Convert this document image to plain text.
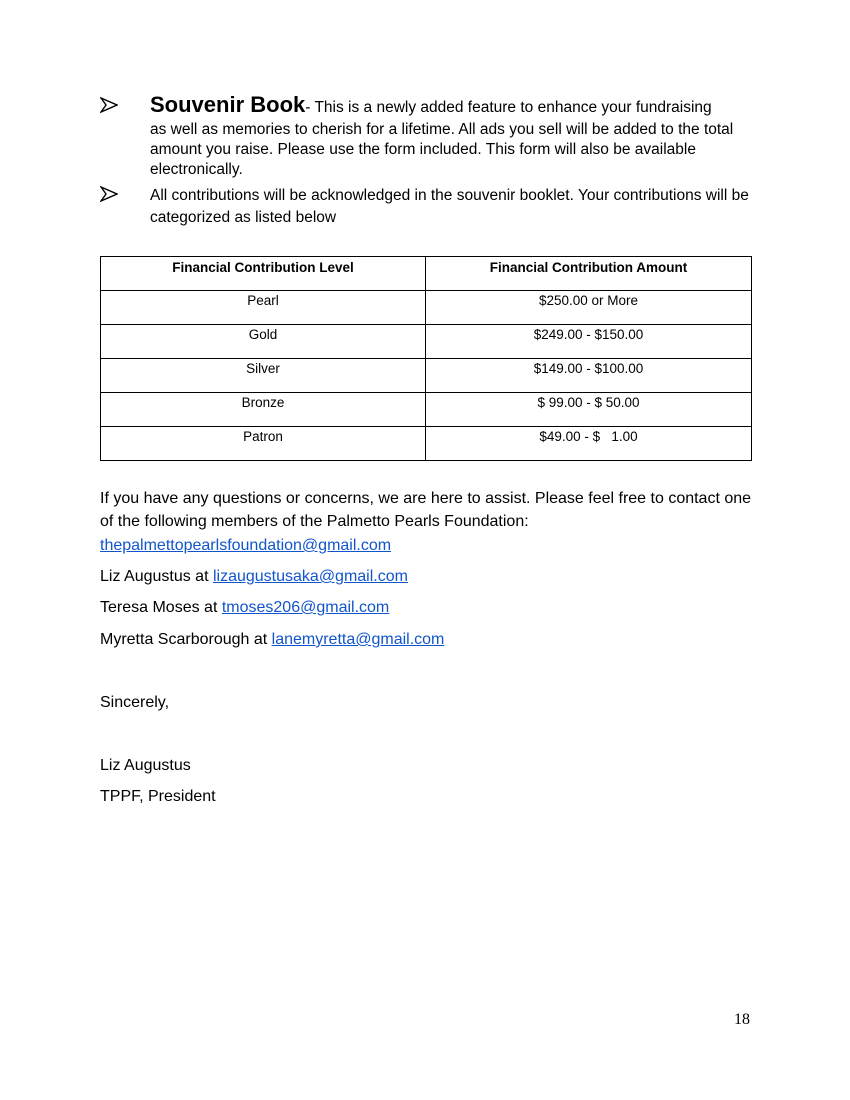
Souvenir Book- This is a newly added feature to enhance your fundraising
as well as memories to cherish for a lifetime. All ads you sell will be added to the total amount you raise. Please use the form included. This form will also be available electronically.
All contributions will be acknowledged in the souvenir booklet. Your contributions will be categorized as listed below
Financial Contribution Level	Financial Contribution Amount
Pearl	$250.00 or More
Gold	$249.00 - $150.00
Silver	$149.00 - $100.00
Bronze	$ 99.00 - $ 50.00
Patron	$49.00 - $   1.00
If you have any questions or concerns, we are here to assist. Please feel free to contact one of the following members of the Palmetto Pearls Foundation:
thepalmettopearlsfoundation@gmail.com
Liz Augustus at lizaugustusaka@gmail.com
Teresa Moses at tmoses206@gmail.com
Myretta Scarborough at lanemyretta@gmail.com
Sincerely,
Liz Augustus
TPPF, President
18
